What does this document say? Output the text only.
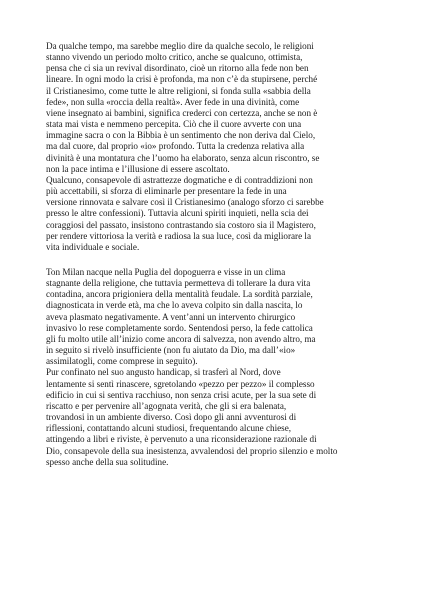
Da qualche tempo, ma sarebbe meglio dire da qualche secolo, le religioni
stanno vivendo un periodo molto critico, anche se qualcuno, ottimista,
pensa che ci sia un revival disordinato, cioè un ritorno alla fede non ben
lineare. In ogni modo la crisi è profonda, ma non c’è da stupirsene, perché
il Cristianesimo, come tutte le altre religioni, si fonda sulla «sabbia della
fede», non sulla «roccia della realtà». Aver fede in una divinità, come
viene insegnato ai bambini, significa crederci con certezza, anche se non è
stata mai vista e nemmeno percepita. Ciò che il cuore avverte con una
immagine sacra o con la Bibbia è un sentimento che non deriva dal Cielo,
ma dal cuore, dal proprio «io» profondo. Tutta la credenza relativa alla
divinità è una montatura che l’uomo ha elaborato, senza alcun riscontro, se
non la pace intima e l’illusione di essere ascoltato.
Qualcuno, consapevole di astrattezze dogmatiche e di contraddizioni non
più accettabili, si sforza di eliminarle per presentare la fede in una
versione rinnovata e salvare così il Cristianesimo (analogo sforzo ci sarebbe
presso le altre confessioni). Tuttavia alcuni spiriti inquieti, nella scia dei
coraggiosi del passato, insistono contrastando sia costoro sia il Magistero,
per rendere vittoriosa la verità e radiosa la sua luce, così da migliorare la
vita individuale e sociale.
Ton Milan nacque nella Puglia del dopoguerra e visse in un clima
stagnante della religione, che tuttavia permetteva di tollerare la dura vita
contadina, ancora prigioniera della mentalità feudale. La sordità parziale,
diagnosticata in verde età, ma che lo aveva colpito sin dalla nascita, lo
aveva plasmato negativamente. A vent’anni un intervento chirurgico
invasivo lo rese completamente sordo. Sentendosi perso, la fede cattolica
gli fu molto utile all’inizio come ancora di salvezza, non avendo altro, ma
in seguito si rivelò insufficiente (non fu aiutato da Dio, ma dall’«io»
assimilatogli, come comprese in seguito).
Pur confinato nel suo angusto handicap, si trasferì al Nord, dove
lentamente si sentì rinascere, sgretolando «pezzo per pezzo» il complesso
edificio in cui si sentiva racchiuso, non senza crisi acute, per la sua sete di
riscatto e per pervenire all’agognata verità, che gli si era balenata,
trovandosi in un ambiente diverso. Così dopo gli anni avventurosi di
riflessioni, contattando alcuni studiosi, frequentando alcune chiese,
attingendo a libri e riviste, è pervenuto a una riconsiderazione razionale di
Dio, consapevole della sua inesistenza, avvalendosi del proprio silenzio e molto
spesso anche della sua solitudine.
